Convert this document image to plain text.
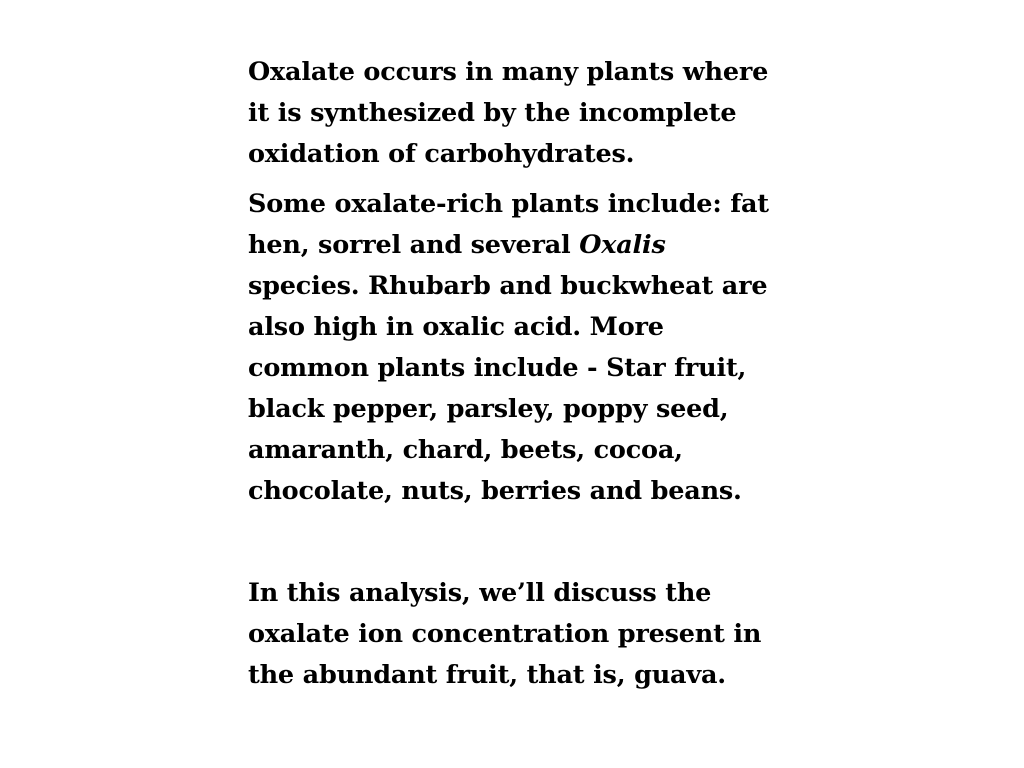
Oxalate occurs in many plants where
it is synthesized by the incomplete
oxidation of carbohydrates.

Some oxalate-rich plants include: fat
hen, sorrel and several Oxalis
species. Rhubarb and buckwheat are
also high in oxalic acid. More
common plants include - Star fruit,
black pepper, parsley, poppy seed,
amaranth, chard, beets, cocoa,
chocolate, nuts, berries and beans.

In this analysis, we’ll discuss the
oxalate ion concentration present in
the abundant fruit, that is, guava.
